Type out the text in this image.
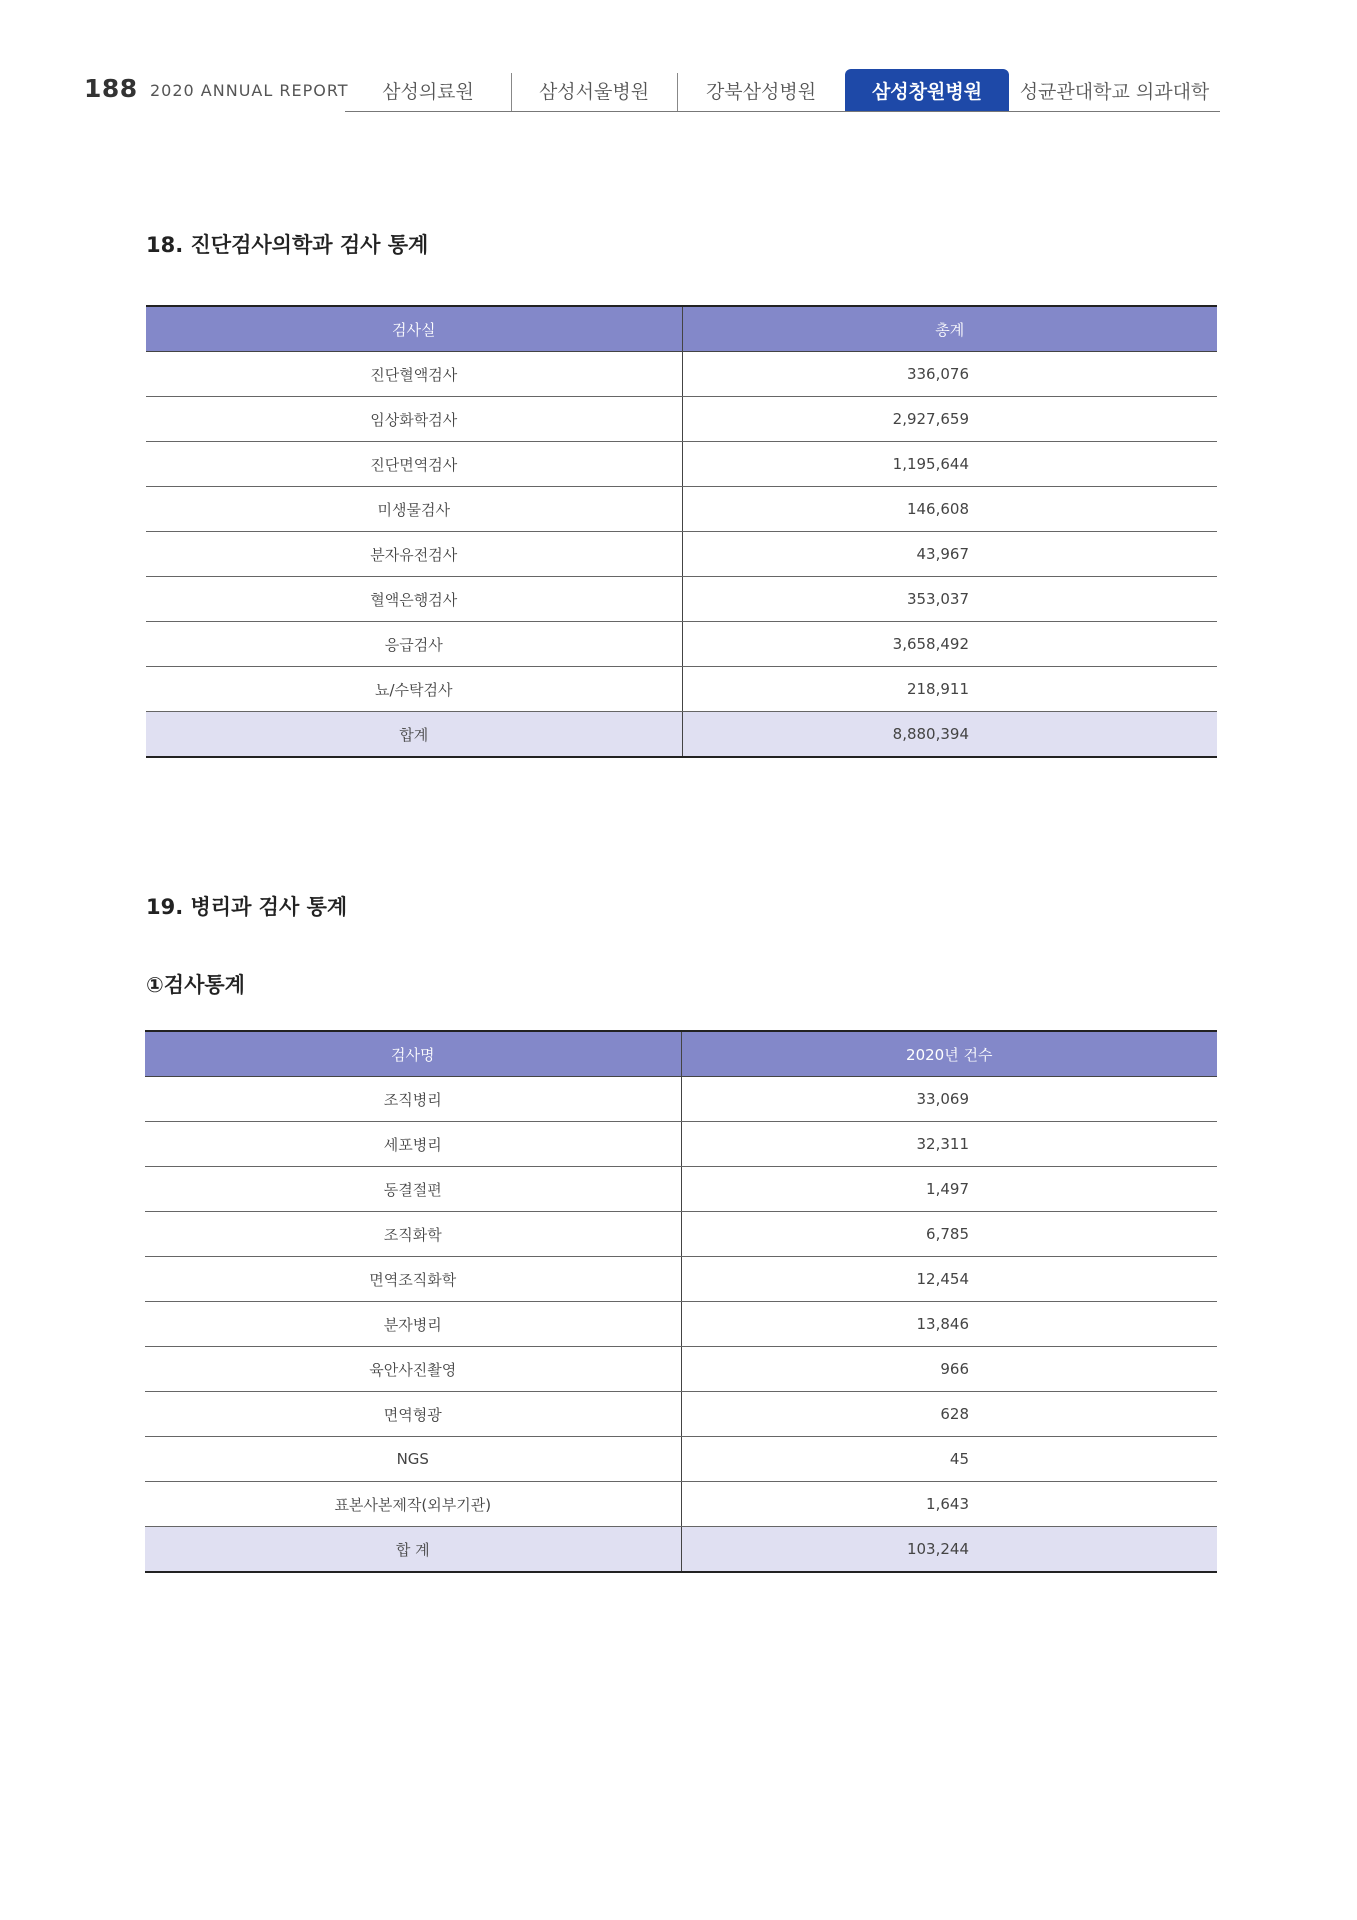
188 2020 ANNUAL REPORT	삼성의료원	삼성서울병원	강북삼성병원	삼성창원병원	성균관대학교 의과대학
18. 진단검사의학과 검사 통계
검사실	총계
진단혈액검사	336,076
임상화학검사	2,927,659
진단면역검사	1,195,644
미생물검사	146,608
분자유전검사	43,967
혈액은행검사	353,037
응급검사	3,658,492
뇨/수탁검사	218,911
합계	8,880,394
19. 병리과 검사 통계
①검사통계
검사명	2020년 건수
조직병리	33,069
세포병리	32,311
동결절편	1,497
조직화학	6,785
면역조직화학	12,454
분자병리	13,846
육안사진촬영	966
면역형광	628
NGS	45
표본사본제작(외부기관)	1,643
합 계	103,244
